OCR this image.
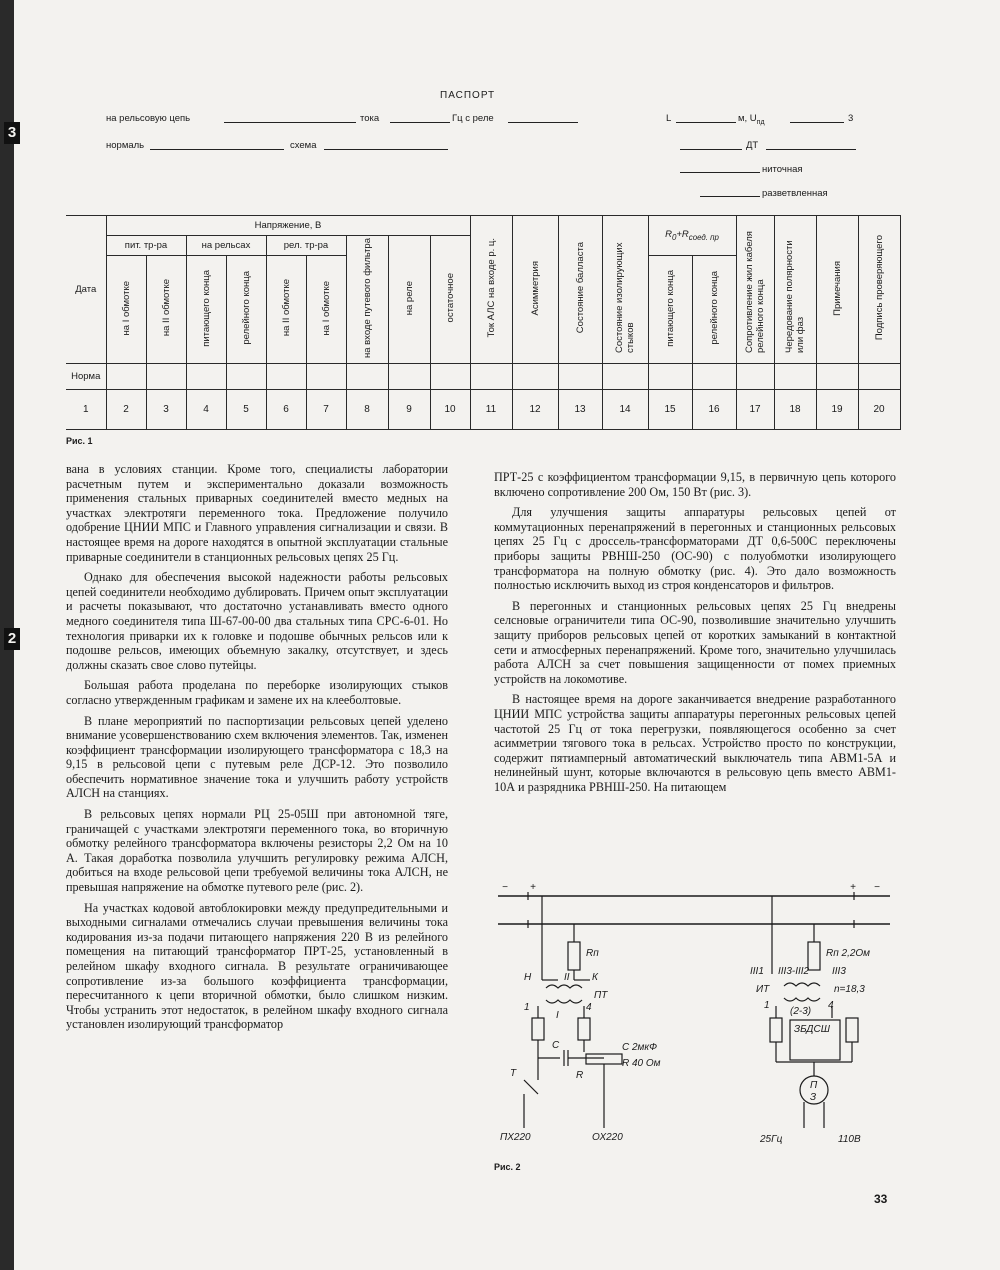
3
2
ПАСПОРТ
на рельсовую цепь	тока	Гц с реле	L	м, $U_{пд}$	3
нормаль	схема	ДТ
ниточная
разветвленная
Дата	Напряжение, В									Ток АЛС на входе р. ц.	Асимметрия	Состояние балласта	Состояние изолирующих стыков	$R_0+R_{соед. пр}$		Сопротивление жил кабеля релейного конца	Чередование полярности или фаз	Примечания	Подпись проверяющего
	пит. тр-ра		на рельсах		рел. тр-ра		на входе путевого фильтра	на реле	остаточное										
	на I обмотке	на II обмотке	питающего конца	релейного конца	на II обмотке	на I обмотке								питающего конца	релейного конца				
Норма																			
1	2	3	4	5	6	7	8	9	10	11	12	13	14	15	16	17	18	19	20
Рис. 1

вана в условиях станции. Кроме того, специалисты лаборатории расчетным путем и экспериментально доказали возможность применения стальных приварных соединителей вместо медных на участках электротяги переменного тока. Предложение получило одобрение ЦНИИ МПС и Главного управления сигнализации и связи. В настоящее время на дороге находятся в опытной эксплуатации стальные приварные соединители в станционных рельсовых цепях 25 Гц.

Однако для обеспечения высокой надежности работы рельсовых цепей соединители необходимо дублировать. Причем опыт эксплуатации и расчеты показывают, что достаточно устанавливать вместо одного медного соединителя типа Ш-67-00-00 два стальных типа СРС-6-01. Но технология приварки их к головке и подошве обычных рельсов или к подошве рельсов, имеющих объемную закалку, отсутствует, и здесь должны сказать свое слово путейцы.

Большая работа проделана по переборке изолирующих стыков согласно утвержденным графикам и замене их на клееболтовые.

В плане мероприятий по паспортизации рельсовых цепей уделено внимание усовершенствованию схем включения элементов. Так, изменен коэффициент трансформации изолирующего трансформатора с 18,3 на 9,15 в рельсовой цепи с путевым реле ДСР-12. Это позволило обеспечить нормативное значение тока и улучшить работу устройств АЛСН на станциях.

В рельсовых цепях нормали РЦ 25-05Ш при автономной тяге, граничащей с участками электротяги переменного тока, во вторичную обмотку релейного трансформатора включены резисторы 2,2 Ом на 10 А. Такая доработка позволила улучшить регулировку режима АЛСН, добиться на входе рельсовой цепи требуемой величины тока АЛСН, не превышая напряжение на обмотке путевого реле (рис. 2).

На участках кодовой автоблокировки между предупредительными и выходными сигналами отмечались случаи превышения величины тока кодирования из-за подачи питающего напряжения 220 В из релейного помещения на питающий трансформатор ПРТ-25, установленный в релейном шкафу входного сигнала. В результате ограничивающее сопротивление из-за большого коэффициента трансформации, пересчитанного к цепи вторичной обмотки, было слишком низким. Чтобы устранить этот недостаток, в релейном шкафу входного сигнала установлен изолирующий трансформатор

ПРТ-25 с коэффициентом трансформации 9,15, в первичную цепь которого включено сопротивление 200 Ом, 150 Вт (рис. 3).

Для улучшения защиты аппаратуры рельсовых цепей от коммутационных перенапряжений в перегонных и станционных рельсовых цепях 25 Гц с дроссель-трансформаторами ДТ 0,6-500С переключены приборы защиты РВНШ-250 (ОС-90) с полуобмотки изолирующего трансформатора на полную обмотку (рис. 4). Это дало возможность полностью исключить выход из строя конденсаторов и фильтров.

В перегонных и станционных рельсовых цепях 25 Гц внедрены селсновые ограничители типа ОС-90, позволившие значительно улучшить защиту приборов рельсовых цепей от коротких замыканий в контактной сети и атмосферных перенапряжений. Кроме того, значительно улучшилась работа АЛСН за счет повышения защищенности от помех приемных устройств на локомотиве.

В настоящее время на дороге заканчивается внедрение разработанного ЦНИИ МПС устройства защиты аппаратуры перегонных рельсовых цепей частотой 25 Гц от тока перегрузки, появляющегося особенно за счет асимметрии тягового тока в рельсах. Устройство просто по конструкции, содержит пятиамперный автоматический выключатель типа АВМ1-5А и нелинейный шунт, которые включаются в рельсовую цепь вместо АВМ1-10А и разрядника РВНШ-250. На питающем

− +	+ −
Rп
Н	II К
ПТ
I
1	4
С	С 2мкФ
R 40 Ом
R
Т
ПХ220	ОХ220
Rп 2,2Ом
III1 III3-III2 III3
ИТ	n=18,3
1
(2-3)
4
ЗБДСШ
П
З
25Гц	110В
Рис. 2
33
